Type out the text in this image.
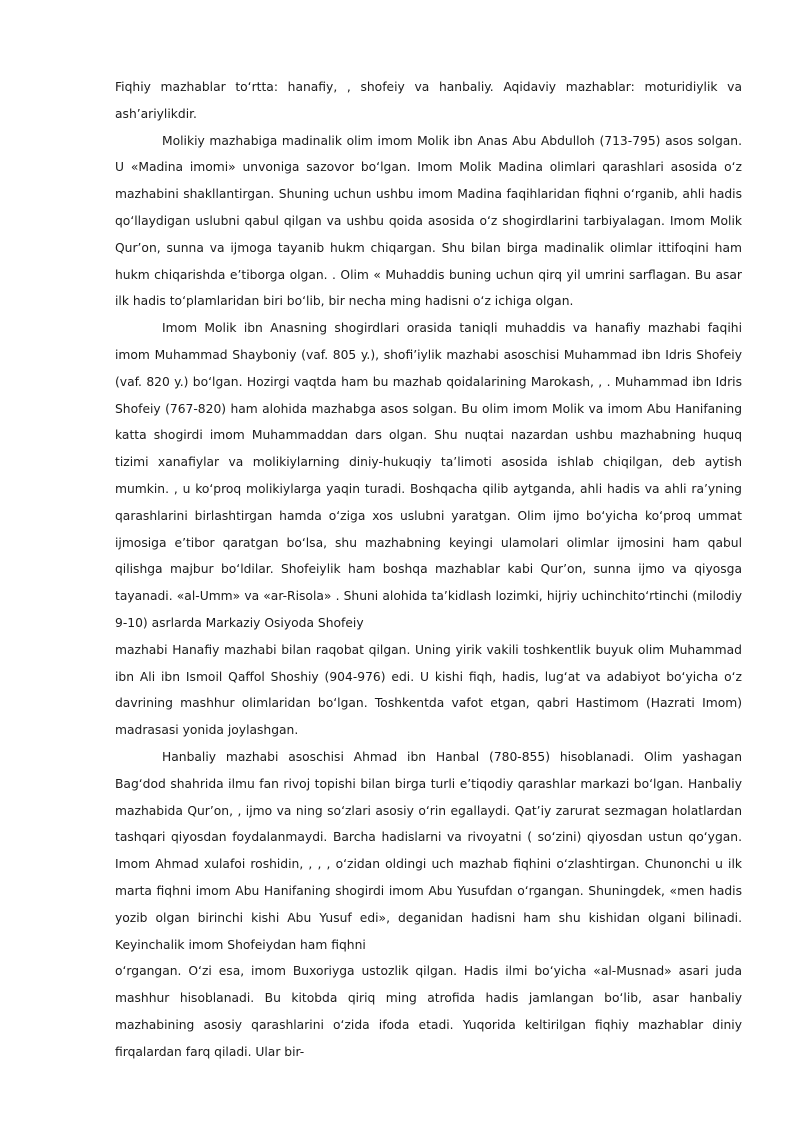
Fiqhiy mazhablar to‘rtta: hanafiy, , shofeiy va hanbaliy. Aqidaviy mazhablar: moturidiylik va ash’ariylikdir.

Molikiy mazhabiga madinalik olim imom Molik ibn Anas Abu Abdulloh (713-795) asos solgan. U «Madina imomi» unvoniga sazovor bo‘lgan. Imom Molik Madina olimlari qarashlari asosida o‘z mazhabini shakllantirgan. Shuning uchun ushbu imom Madina faqihlaridan fiqhni o‘rganib, ahli hadis qo‘llaydigan uslubni qabul qilgan va ushbu qoida asosida o‘z shogirdlarini tarbiyalagan. Imom Molik Qur’on, sunna va ijmoga tayanib hukm chiqargan. Shu bilan birga madinalik olimlar ittifoqini ham hukm chiqarishda e’tiborga olgan. . Olim « Muhaddis buning uchun qirq yil umrini sarflagan. Bu asar ilk hadis to‘plamlaridan biri bo‘lib, bir necha ming hadisni o‘z ichiga olgan.

Imom Molik ibn Anasning shogirdlari orasida taniqli muhaddis va hanafiy mazhabi faqihi imom Muhammad Shayboniy (vaf. 805 y.), shofi’iylik mazhabi asoschisi Muhammad ibn Idris Shofeiy (vaf. 820 y.) bo‘lgan. Hozirgi vaqtda ham bu mazhab qoidalarining Marokash, , . Muhammad ibn Idris Shofeiy (767-820) ham alohida mazhabga asos solgan. Bu olim imom Molik va imom Abu Hanifaning katta shogirdi imom Muhammaddan dars olgan. Shu nuqtai nazardan ushbu mazhabning huquq tizimi xanafiylar va molikiylarning diniy-hukuqiy ta’limoti asosida ishlab chiqilgan, deb aytish mumkin. , u ko‘proq molikiylarga yaqin turadi. Boshqacha qilib aytganda, ahli hadis va ahli ra’yning qarashlarini birlashtirgan hamda o‘ziga xos uslubni yaratgan. Olim ijmo bo‘yicha ko‘proq ummat ijmosiga e’tibor qaratgan bo‘lsa, shu mazhabning keyingi ulamolari olimlar ijmosini ham qabul qilishga majbur bo‘ldilar. Shofeiylik ham boshqa mazhablar kabi Qur’on, sunna ijmo va qiyosga tayanadi. «al-Umm» va «ar-Risola» . Shuni alohida ta’kidlash lozimki, hijriy uchinchito‘rtinchi (milodiy 9-10) asrlarda Markaziy Osiyoda Shofeiy

mazhabi Hanafiy mazhabi bilan raqobat qilgan. Uning yirik vakili toshkentlik buyuk olim Muhammad ibn Ali ibn Ismoil Qaffol Shoshiy (904-976) edi. U kishi fiqh, hadis, lug‘at va adabiyot bo‘yicha o‘z davrining mashhur olimlaridan bo‘lgan. Toshkentda vafot etgan, qabri Hastimom (Hazrati Imom) madrasasi yonida joylashgan.

Hanbaliy mazhabi asoschisi Ahmad ibn Hanbal (780-855) hisoblanadi. Olim yashagan Bag‘dod shahrida ilmu fan rivoj topishi bilan birga turli e’tiqodiy qarashlar markazi bo‘lgan. Hanbaliy mazhabida Qur’on, , ijmo va ning so‘zlari asosiy o‘rin egallaydi. Qat’iy zarurat sezmagan holatlardan tashqari qiyosdan foydalanmaydi. Barcha hadislarni va rivoyatni ( so‘zini) qiyosdan ustun qo‘ygan. Imom Ahmad xulafoi roshidin, , , , o‘zidan oldingi uch mazhab fiqhini o‘zlashtirgan. Chunonchi u ilk marta fiqhni imom Abu Hanifaning shogirdi imom Abu Yusufdan o‘rgangan. Shuningdek, «men hadis yozib olgan birinchi kishi Abu Yusuf edi», deganidan hadisni ham shu kishidan olgani bilinadi. Keyinchalik imom Shofeiydan ham fiqhni

o‘rgangan. O‘zi esa, imom Buxoriyga ustozlik qilgan. Hadis ilmi bo‘yicha «al-Musnad» asari juda mashhur hisoblanadi. Bu kitobda qiriq ming atrofida hadis jamlangan bo‘lib, asar hanbaliy mazhabining asosiy qarashlarini o‘zida ifoda etadi. Yuqorida keltirilgan fiqhiy mazhablar diniy firqalardan farq qiladi. Ular bir-
